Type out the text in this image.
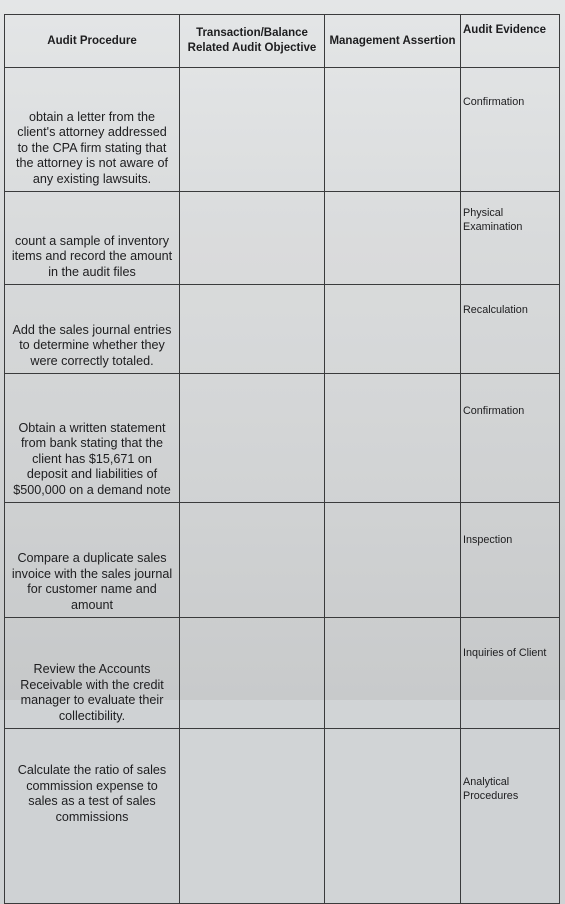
Audit Procedure	Transaction/Balance
Related Audit Objective	Management Assertion	Audit Evidence

obtain a letter from the
client's attorney addressed
to the CPA firm stating that
the attorney is not aware of
any existing lawsuits.			Confirmation

count a sample of inventory
items and record the amount
in the audit files			Physical
Examination

Add the sales journal entries
to determine whether they
were correctly totaled.			Recalculation

Obtain a written statement
from bank stating that the
client has $15,671 on
deposit and liabilities of
$500,000 on a demand note			Confirmation

Compare a duplicate sales
invoice with the sales journal
for customer name and
amount			Inspection

Review the Accounts
Receivable with the credit
manager to evaluate their
collectibility.			Inquiries of Client

Calculate the ratio of sales
commission expense to
sales as a test of sales
commissions			Analytical
Procedures
